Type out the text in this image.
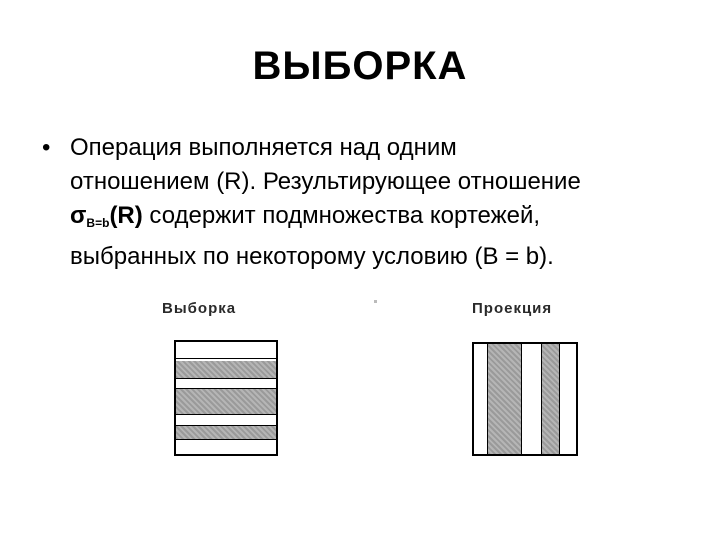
ВЫБОРКА
• Операция выполняется над одним
отношением (R). Результирующее отношение
$\sigma_{B=b}(R)$ содержит подмножества кортежей,
выбранных по некоторому условию (B = b).
Выборка	Проекция
